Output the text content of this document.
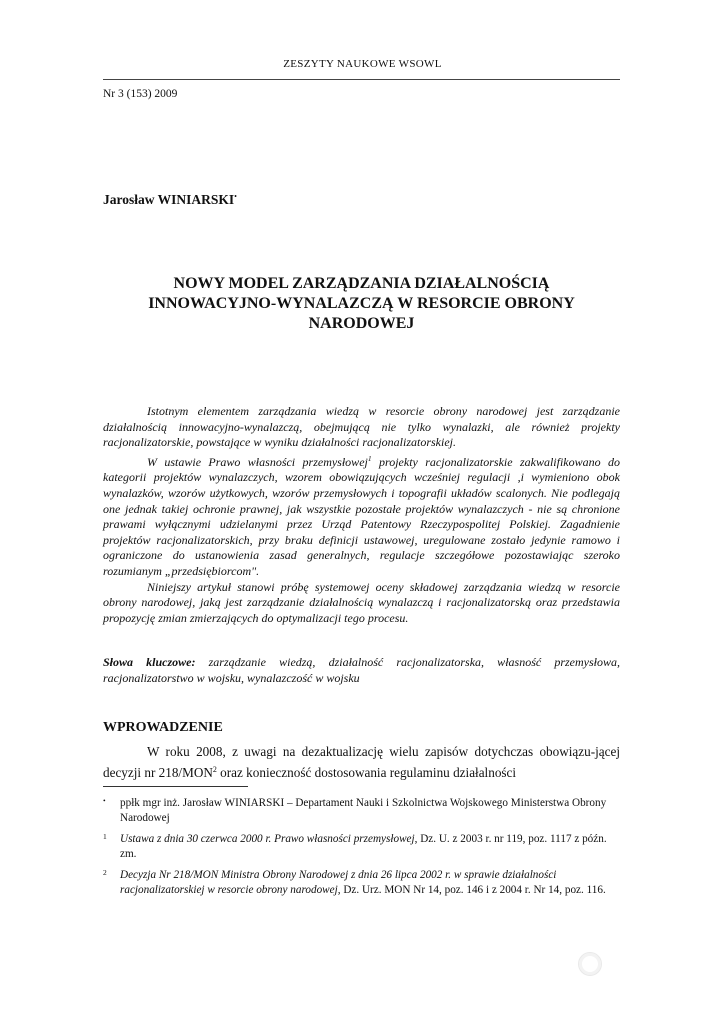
ZESZYTY NAUKOWE WSOWL
Nr 3 (153) 2009
Jarosław WINIARSKI•
NOWY MODEL ZARZĄDZANIA DZIAŁALNOŚCIĄ
INNOWACYJNO-WYNALAZCZĄ W RESORCIE OBRONY
NARODOWEJ

Istotnym elementem zarządzania wiedzą w resorcie obrony narodowej jest zarządzanie działalnością innowacyjno-wynalazczą, obejmującą nie tylko wynalazki, ale również projekty racjonalizatorskie, powstające w wyniku działalności racjonalizatorskiej.

W ustawie Prawo własności przemysłowej$^1$ projekty racjonalizatorskie zakwalifikowano do kategorii projektów wynalazczych, wzorem obowiązujących wcześniej regulacji ,i wymieniono obok wynalazków, wzorów użytkowych, wzorów przemysłowych i topografii układów scalonych. Nie podlegają one jednak takiej ochronie prawnej, jak wszystkie pozostałe projektów wynalazczych - nie są chronione prawami wyłącznymi udzielanymi przez Urząd Patentowy Rzeczypospolitej Polskiej. Zagadnienie projektów racjonalizatorskich, przy braku definicji ustawowej, uregulowane zostało jedynie ramowo i ograniczone do ustanowienia zasad generalnych, regulacje szczegółowe pozostawiając szeroko rozumianym „przedsiębiorcom".

Niniejszy artykuł stanowi próbę systemowej oceny składowej zarządzania wiedzą w resorcie obrony narodowej, jaką jest zarządzanie działalnością wynalazczą i racjonalizatorską oraz przedstawia propozycję zmian zmierzających do optymalizacji tego procesu.

Słowa kluczowe: zarządzanie wiedzą, działalność racjonalizatorska, własność przemysłowa, racjonalizatorstwo w wojsku, wynalazczość w wojsku
WPROWADZENIE

W roku 2008, z uwagi na dezaktualizację wielu zapisów dotychczas obowiązu-jącej decyzji nr 218/MON$^2$ oraz konieczność dostosowania regulaminu działalności

• ppłk mgr inż. Jarosław WINIARSKI – Departament Nauki i Szkolnictwa Wojskowego Ministerstwa Obrony Narodowej
1 Ustawa z dnia 30 czerwca 2000 r. Prawo własności przemysłowej, Dz. U. z 2003 r. nr 119, poz. 1117 z późn. zm.
2 Decyzja Nr 218/MON Ministra Obrony Narodowej z dnia 26 lipca 2002 r. w sprawie działalności racjonalizatorskiej w resorcie obrony narodowej, Dz. Urz. MON Nr 14, poz. 146 i z 2004 r. Nr 14, poz. 116.
